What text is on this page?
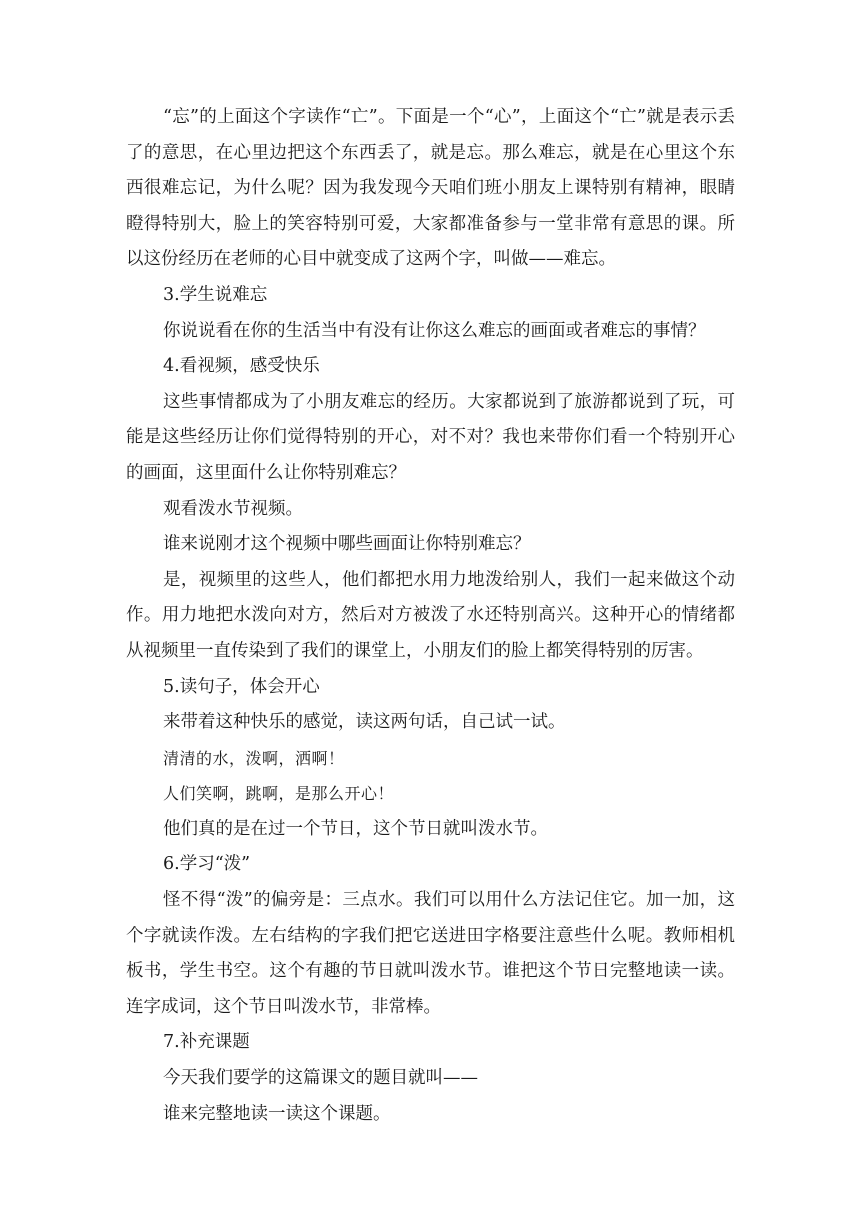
“忘”的上面这个字读作“亡”。下面是一个“心”，上面这个“亡”就是表示丢了的意思，在心里边把这个东西丢了，就是忘。那么难忘，就是在心里这个东西很难忘记，为什么呢？因为我发现今天咱们班小朋友上课特别有精神，眼睛瞪得特别大，脸上的笑容特别可爱，大家都准备参与一堂非常有意思的课。所以这份经历在老师的心目中就变成了这两个字，叫做——难忘。

3.学生说难忘

你说说看在你的生活当中有没有让你这么难忘的画面或者难忘的事情？

4.看视频，感受快乐

这些事情都成为了小朋友难忘的经历。大家都说到了旅游都说到了玩，可能是这些经历让你们觉得特别的开心，对不对？我也来带你们看一个特别开心的画面，这里面什么让你特别难忘？

观看泼水节视频。

谁来说刚才这个视频中哪些画面让你特别难忘？

是，视频里的这些人，他们都把水用力地泼给别人，我们一起来做这个动作。用力地把水泼向对方，然后对方被泼了水还特别高兴。这种开心的情绪都从视频里一直传染到了我们的课堂上，小朋友们的脸上都笑得特别的厉害。

5.读句子，体会开心

来带着这种快乐的感觉，读这两句话，自己试一试。

清清的水，泼啊，洒啊！

人们笑啊，跳啊，是那么开心！

他们真的是在过一个节日，这个节日就叫泼水节。

6.学习“泼”

怪不得“泼”的偏旁是：三点水。我们可以用什么方法记住它。加一加，这个字就读作泼。左右结构的字我们把它送进田字格要注意些什么呢。教师相机板书，学生书空。这个有趣的节日就叫泼水节。谁把这个节日完整地读一读。连字成词，这个节日叫泼水节，非常棒。

7.补充课题

今天我们要学的这篇课文的题目就叫——

谁来完整地读一读这个课题。
